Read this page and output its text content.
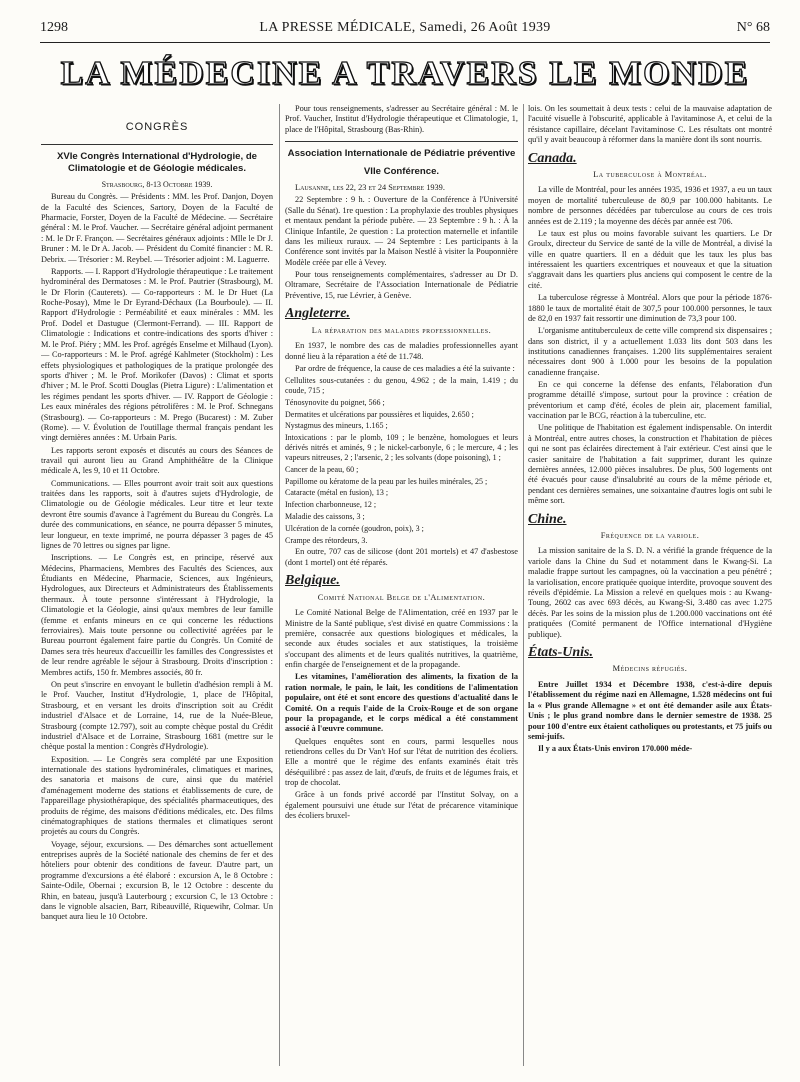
1298	LA PRESSE MÉDICALE, Samedi, 26 Août 1939	N° 68
LA MÉDECINE A TRAVERS LE MONDE
CONGRÈS
XVIe Congrès International d'Hydrologie, de Climatologie et de Géologie médicales.

Strasbourg, 8-13 Octobre 1939.

Bureau du Congrès. — Présidents : MM. les Prof. Danjon, Doyen de la Faculté des Sciences, Sartory, Doyen de la Faculté de Pharmacie, Forster, Doyen de la Faculté de Médecine. — Secrétaire général : M. le Prof. Vaucher. — Secrétaire général adjoint permanent : M. le Dr F. Françon. — Secrétaires généraux adjoints : Mlle le Dr J. Bruner : M. le Dr A. Jacob. — Président du Comité financier : M. R. Debrix. — Trésorier : M. Reybel. — Trésorier adjoint : M. Laguerre.

Rapports. — I. Rapport d'Hydrologie thérapeutique : Le traitement hydrominéral des Dermatoses : M. le Prof. Pautrier (Strasbourg), M. le Dr Florin (Cauterets). — Co-rapporteurs : M. le Dr Huet (La Roche-Posay), Mme le Dr Eyrand-Déchaux (La Bourboule). — II. Rapport d'Hydrologie : Perméabilité et eaux minérales : MM. les Prof. Dodel et Dastugue (Clermont-Ferrand). — III. Rapport de Climatologie : Indications et contre-indications des sports d'hiver : M. le Prof. Piéry ; MM. les Prof. agrégés Enselme et Milhaud (Lyon). — Co-rapporteurs : M. le Prof. agrégé Kahlmeter (Stockholm) : Les effets physiologiques et pathologiques de la pratique prolongée des sports d'hiver ; M. le Prof. Morikofer (Davos) : Climat et sports d'hiver ; M. le Prof. Scotti Douglas (Pietra Ligure) : L'alimentation et les régimes pendant les sports d'hiver. — IV. Rapport de Géologie : Les eaux minérales des régions pétrolifères : M. le Prof. Schnegans (Strasbourg). — Co-rapporteurs : M. Prego (Bucarest) : M. Zuber (Rome). — V. Évolution de l'outillage thermal français pendant les vingt dernières années : M. Urbain Paris.

Les rapports seront exposés et discutés au cours des Séances de travail qui auront lieu au Grand Amphithéâtre de la Clinique médicale A, les 9, 10 et 11 Octobre.

Communications. — Elles pourront avoir trait soit aux questions traitées dans les rapports, soit à d'autres sujets d'Hydrologie, de Climatologie ou de Géologie médicales. Leur titre et leur texte devront être soumis d'avance à l'agrément du Bureau du Congrès. La durée des communications, en séance, ne pourra dépasser 5 minutes, leur longueur, en texte imprimé, ne pourra dépasser 3 pages de 45 lignes de 70 lettres ou signes par ligne.

Inscriptions. — Le Congrès est, en principe, réservé aux Médecins, Pharmaciens, Membres des Facultés des Sciences, aux Étudiants en Médecine, Pharmacie, Sciences, aux Ingénieurs, Hydrologues, aux Directeurs et Administrateurs des Établissements thermaux. À toute personne s'intéressant à l'Hydrologie, la Climatologie et la Géologie, ainsi qu'aux membres de leur famille (femme et enfants mineurs en ce qui concerne les réductions ferroviaires). Mais toute personne ou collectivité agréées par le Bureau pourront également faire partie du Congrès. Un Comité de Dames sera très heureux d'accueillir les familles des Congressistes et de leur rendre agréable le séjour à Strasbourg. Droits d'inscription : Membres actifs, 150 fr. Membres associés, 80 fr.

On peut s'inscrire en envoyant le bulletin d'adhésion rempli à M. le Prof. Vaucher, Institut d'Hydrologie, 1, place de l'Hôpital, Strasbourg, et en versant les droits d'inscription soit au Crédit industriel d'Alsace et de Lorraine, 14, rue de la Nuée-Bleue, Strasbourg (compte 12.797), soit au compte chèque postal du Crédit industriel d'Alsace et de Lorraine, Strasbourg 1681 (mettre sur le chèque postal la mention : Congrès d'Hydrologie).

Exposition. — Le Congrès sera complété par une Exposition internationale des stations hydrominérales, climatiques et marines, des sanatoria et maisons de cure, ainsi que du matériel d'aménagement moderne des stations et établissements de cure, de l'appareillage physiothérapique, des spécialités pharmaceutiques, des produits de régime, des maisons d'éditions médicales, etc. Des films cinématographiques de stations thermales et climatiques seront projetés au cours du Congrès.

Voyage, séjour, excursions. — Des démarches sont actuellement entreprises auprès de la Société nationale des chemins de fer et des hôteliers pour obtenir des conditions de faveur. D'autre part, un programme d'excursions a été élaboré : excursion A, le 8 Octobre : Sainte-Odile, Obernai ; excursion B, le 12 Octobre : descente du Rhin, en bateau, jusqu'à Lauterbourg ; excursion C, le 13 Octobre : dans le vignoble alsacien, Barr, Ribeauvillé, Riquewihr, Colmar. Un banquet aura lieu le 10 Octobre.

Pour tous renseignements, s'adresser au Secrétaire général : M. le Prof. Vaucher, Institut d'Hydrologie thérapeutique et Climatologie, 1, place de l'Hôpital, Strasbourg (Bas-Rhin).

Association Internationale de Pédiatrie préventive
VIIe Conférence.

Lausanne, les 22, 23 et 24 Septembre 1939.

22 Septembre : 9 h. : Ouverture de la Conférence à l'Université (Salle du Sénat). 1re question : La prophylaxie des troubles physiques et mentaux pendant la période pubère. — 23 Septembre : 9 h. : À la Clinique Infantile, 2e question : La protection maternelle et infantile dans les milieux ruraux. — 24 Septembre : Les participants à la Conférence sont invités par la Maison Nestlé à visiter la Pouponnière Modèle créée par elle à Vevey.

Pour tous renseignements complémentaires, s'adresser au Dr D. Oltramare, Secrétaire de l'Association Internationale de Pédiatrie Préventive, 15, rue Lévrier, à Genève.

Angleterre.
La réparation des maladies professionnelles.

En 1937, le nombre des cas de maladies professionnelles ayant donné lieu à la réparation a été de 11.748.

Par ordre de fréquence, la cause de ces maladies a été la suivante :

Cellulites sous-cutanées : du genou, 4.962 ; de la main, 1.419 ; du coude, 715 ;

Ténosynovite du poignet, 566 ;

Dermatites et ulcérations par poussières et liquides, 2.650 ;

Nystagmus des mineurs, 1.165 ;

Intoxications : par le plomb, 109 ; le benzène, homologues et leurs dérivés nitrés et aminés, 9 ; le nickel-carbonyle, 6 ; le mercure, 4 ; les vapeurs nitreuses, 2 ; l'arsenic, 2 ; les solvants (dope poisoning), 1 ;

Cancer de la peau, 60 ;

Papillome ou kératome de la peau par les huiles minérales, 25 ;

Cataracte (métal en fusion), 13 ;

Infection charbonneuse, 12 ;

Maladie des caissons, 3 ;

Ulcération de la cornée (goudron, poix), 3 ;

Crampe des rétordeurs, 3.

En outre, 707 cas de silicose (dont 201 mortels) et 47 d'asbestose (dont 1 mortel) ont été réparés.

Belgique.
Comité National Belge de l'Alimentation.

Le Comité National Belge de l'Alimentation, créé en 1937 par le Ministre de la Santé publique, s'est divisé en quatre Commissions : la première, consacrée aux questions biologiques et médicales, la seconde aux études sociales et aux statistiques, la troisième s'occupant des aliments et de leurs qualités nutritives, la quatrième, enfin chargée de l'enseignement et de la propagande.

Les vitamines, l'amélioration des aliments, la fixation de la ration normale, le pain, le lait, les conditions de l'alimentation populaire, ont été et sont encore des questions d'actualité dans le Comité. On a requis l'aide de la Croix-Rouge et de son organe pour la propagande, et le corps médical a été constamment associé à l'œuvre commune.

Quelques enquêtes sont en cours, parmi lesquelles nous retiendrons celles du Dr Van't Hof sur l'état de nutrition des écoliers. Elle a montré que le régime des enfants examinés était très déséquilibré : pas assez de lait, d'œufs, de fruits et de légumes frais, et trop de chocolat.

Grâce à un fonds privé accordé par l'Institut Solvay, on a également poursuivi une étude sur l'état de précarence vitaminique des écoliers bruxel-

lois. On les soumettait à deux tests : celui de la mauvaise adaptation de l'acuité visuelle à l'obscurité, applicable à l'avitaminose A, et celui de la résistance capillaire, décelant l'avitaminose C. Les résultats ont montré qu'il y avait beaucoup à réformer dans la manière dont ils sont nourris.

Canada.
La tuberculose à Montréal.

La ville de Montréal, pour les années 1935, 1936 et 1937, a eu un taux moyen de mortalité tuberculeuse de 80,9 par 100.000 habitants. Le nombre de personnes décédées par tuberculose au cours de ces trois années est de 2.119 ; la moyenne des décès par année est 706.

Le taux est plus ou moins favorable suivant les quartiers. Le Dr Groulx, directeur du Service de santé de la ville de Montréal, a divisé la ville en quatre quartiers. Il en a déduit que les taux les plus bas intéressaient les quartiers excentriques et nouveaux et que la situation s'aggravait dans les quartiers plus anciens qui composent le centre de la cité.

La tuberculose régresse à Montréal. Alors que pour la période 1876-1880 le taux de mortalité était de 307,5 pour 100.000 personnes, le taux de 82,0 en 1937 fait ressortir une diminution de 73,3 pour 100.

L'organisme antituberculeux de cette ville comprend six dispensaires ; dans son district, il y a actuellement 1.033 lits dont 503 dans les institutions canadiennes françaises. 1.200 lits supplémentaires seraient nécessaires dont 900 à 1.000 pour les besoins de la population canadienne française.

En ce qui concerne la défense des enfants, l'élaboration d'un programme détaillé s'impose, surtout pour la province : création de préventorium et camp d'été, écoles de plein air, placement familial, vaccination par le BCG, réaction à la tuberculine, etc.

Une politique de l'habitation est également indispensable. On interdit à Montréal, entre autres choses, la construction et l'habitation de pièces qui ne sont pas éclairées directement à l'air extérieur. C'est ainsi que le casier sanitaire de l'habitation a fait supprimer, durant les quinze dernières années, 12.000 pièces insalubres. De plus, 500 logements ont été évacués pour cause d'insalubrité au cours de la même période et, pendant ces dernières semaines, une soixantaine d'autres logis ont subi le même sort.

Chine.
Fréquence de la variole.

La mission sanitaire de la S. D. N. a vérifié la grande fréquence de la variole dans la Chine du Sud et notamment dans le Kwang-Si. La maladie frappe surtout les campagnes, où la vaccination a peu pénétré ; la variolisation, encore pratiquée quoique interdite, provoque souvent des réveils d'épidémie. La Mission a relevé en quelques mois : au Kwang-Toung, 2602 cas avec 693 décès, au Kwang-Si, 3.480 cas avec 1.275 décès. Par les soins de la mission plus de 1.200.000 vaccinations ont été pratiquées (Comité permanent de l'Office international d'Hygiène publique).

États-Unis.
Médecins réfugiés.

Entre Juillet 1934 et Décembre 1938, c'est-à-dire depuis l'établissement du régime nazi en Allemagne, 1.528 médecins ont fui la « Plus grande Allemagne » et ont été demander asile aux États-Unis ; le plus grand nombre dans le dernier semestre de 1938. 25 pour 100 d'entre eux étaient catholiques ou protestants, et 75 juifs ou semi-juifs.

Il y a aux États-Unis environ 170.000 méde-
